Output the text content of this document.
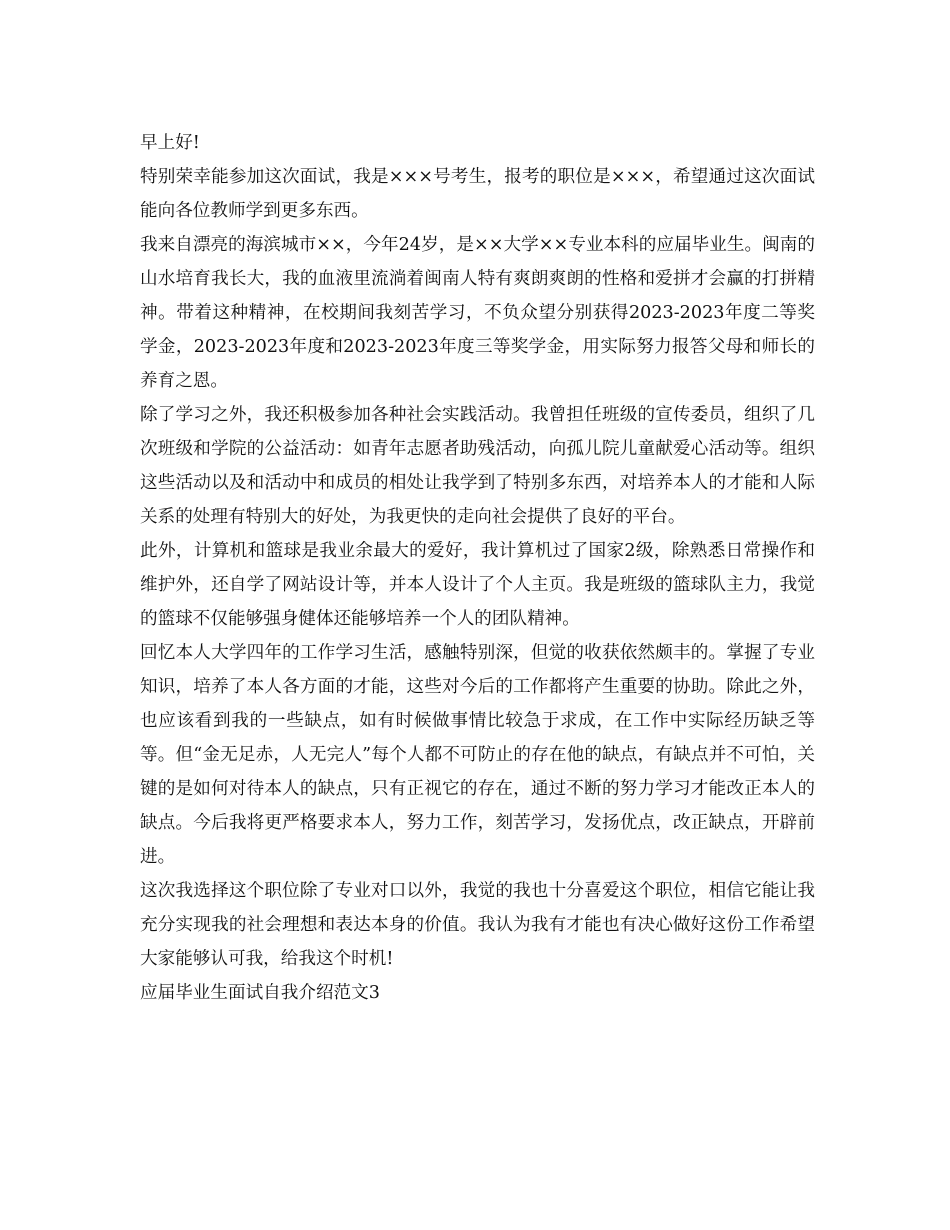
早上好!

特别荣幸能参加这次面试，我是×××号考生，报考的职位是×××，希望通过这次面试能向各位教师学到更多东西。

我来自漂亮的海滨城市××，今年24岁，是××大学××专业本科的应届毕业生。闽南的山水培育我长大，我的血液里流淌着闽南人特有爽朗爽朗的性格和爱拼才会赢的打拼精神。带着这种精神，在校期间我刻苦学习，不负众望分别获得2023-2023年度二等奖学金，2023-2023年度和2023-2023年度三等奖学金，用实际努力报答父母和师长的养育之恩。

除了学习之外，我还积极参加各种社会实践活动。我曾担任班级的宣传委员，组织了几次班级和学院的公益活动：如青年志愿者助残活动，向孤儿院儿童献爱心活动等。组织这些活动以及和活动中和成员的相处让我学到了特别多东西，对培养本人的才能和人际关系的处理有特别大的好处，为我更快的走向社会提供了良好的平台。

此外，计算机和篮球是我业余最大的爱好，我计算机过了国家2级，除熟悉日常操作和维护外，还自学了网站设计等，并本人设计了个人主页。我是班级的篮球队主力，我觉的篮球不仅能够强身健体还能够培养一个人的团队精神。

回忆本人大学四年的工作学习生活，感触特别深，但觉的收获依然颇丰的。掌握了专业知识，培养了本人各方面的才能，这些对今后的工作都将产生重要的协助。除此之外，也应该看到我的一些缺点，如有时候做事情比较急于求成，在工作中实际经历缺乏等等。但“金无足赤，人无完人”每个人都不可防止的存在他的缺点，有缺点并不可怕，关键的是如何对待本人的缺点，只有正视它的存在，通过不断的努力学习才能改正本人的缺点。今后我将更严格要求本人，努力工作，刻苦学习，发扬优点，改正缺点，开辟前进。

这次我选择这个职位除了专业对口以外，我觉的我也十分喜爱这个职位，相信它能让我充分实现我的社会理想和表达本身的价值。我认为我有才能也有决心做好这份工作希望大家能够认可我，给我这个时机!

应届毕业生面试自我介绍范文3
